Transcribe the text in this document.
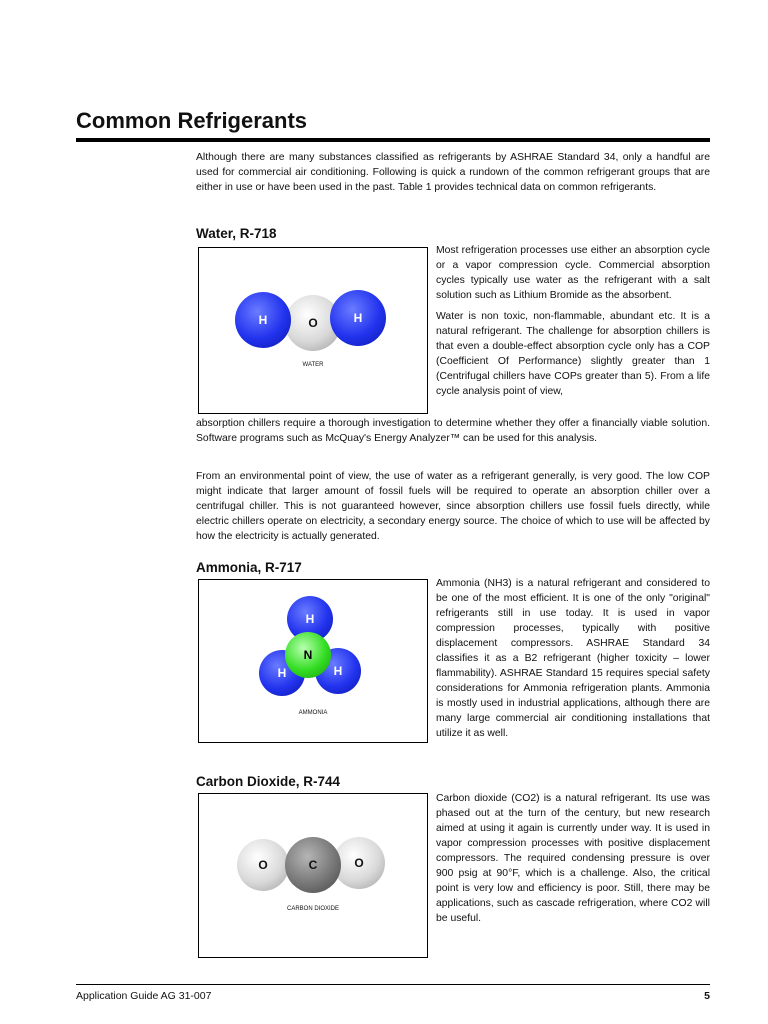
Common Refrigerants

Although there are many substances classified as refrigerants by ASHRAE Standard 34, only a handful are used for commercial air conditioning. Following is quick a rundown of the common refrigerant groups that are either in use or have been used in the past. Table 1 provides technical data on common refrigerants.

Water, R-718
H	O	H
WATER

Most refrigeration processes use either an absorption cycle or a vapor compression cycle. Commercial absorption cycles typically use water as the refrigerant with a salt solution such as Lithium Bromide as the absorbent.

Water is non toxic, non-flammable, abundant etc. It is a natural refrigerant. The challenge for absorption chillers is that even a double-effect absorption cycle only has a COP (Coefficient Of Performance) slightly greater than 1 (Centrifugal chillers have COPs greater than 5). From a life cycle analysis point of view,

absorption chillers require a thorough investigation to determine whether they offer a financially viable solution. Software programs such as McQuay's Energy Analyzer™ can be used for this analysis.

From an environmental point of view, the use of water as a refrigerant generally, is very good. The low COP might indicate that larger amount of fossil fuels will be required to operate an absorption chiller over a centrifugal chiller. This is not guaranteed however, since absorption chillers use fossil fuels directly, while electric chillers operate on electricity, a secondary energy source. The choice of which to use will be affected by how the electricity is actually generated.

Ammonia, R-717
H
H	H
N
AMMONIA

Ammonia (NH3) is a natural refrigerant and considered to be one of the most efficient. It is one of the only "original" refrigerants still in use today. It is used in vapor compression processes, typically with positive displacement compressors. ASHRAE Standard 34 classifies it as a B2 refrigerant (higher toxicity – lower flammability). ASHRAE Standard 15 requires special safety considerations for Ammonia refrigeration plants. Ammonia is mostly used in industrial applications, although there are many large commercial air conditioning installations that utilize it as well.

Carbon Dioxide, R-744
O	C	O
CARBON DIOXIDE

Carbon dioxide (CO2) is a natural refrigerant. Its use was phased out at the turn of the century, but new research aimed at using it again is currently under way. It is used in vapor compression processes with positive displacement compressors. The required condensing pressure is over 900 psig at 90°F, which is a challenge. Also, the critical point is very low and efficiency is poor. Still, there may be applications, such as cascade refrigeration, where CO2 will be useful.

Application Guide AG 31-007	5
